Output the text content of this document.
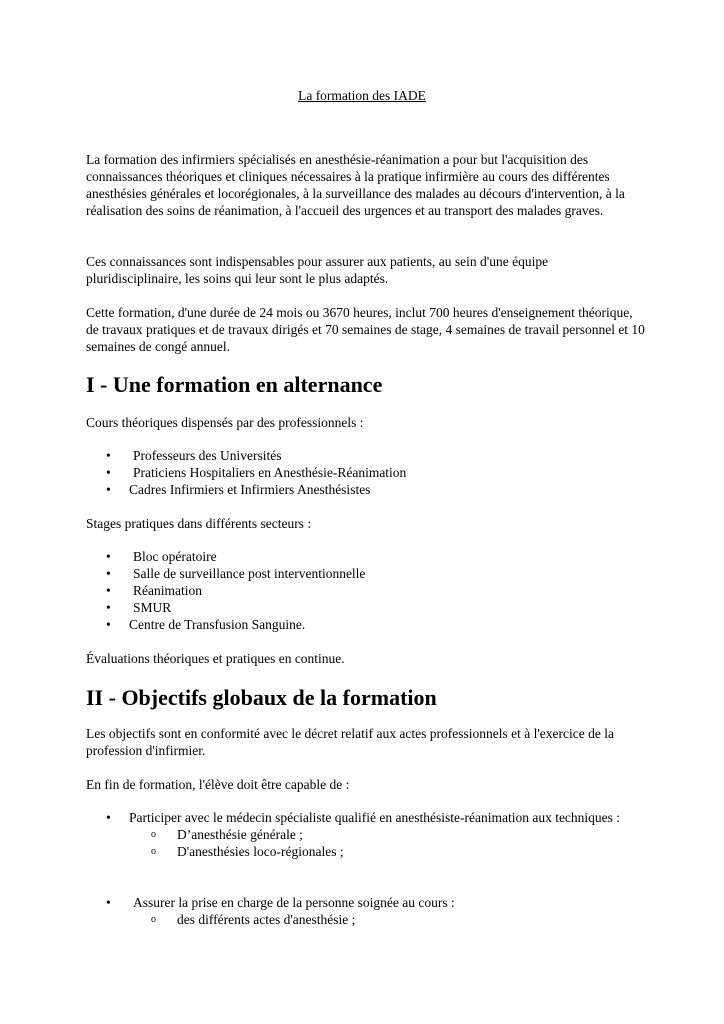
La formation des IADE

La formation des infirmiers spécialisés en anesthésie-réanimation a pour but l'acquisition des connaissances théoriques et cliniques nécessaires à la pratique infirmière au cours des différentes anesthésies générales et locorégionales, à la surveillance des malades au décours d'intervention, à la réalisation des soins de réanimation, à l'accueil des urgences et au transport des malades graves.

Ces connaissances sont indispensables pour assurer aux patients, au sein d'une équipe pluridisciplinaire, les soins qui leur sont le plus adaptés.

Cette formation, d'une durée de 24 mois ou 3670 heures, inclut 700 heures d'enseignement théorique, de travaux pratiques et de travaux dirigés et 70 semaines de stage, 4 semaines de travail personnel et 10 semaines de congé annuel.

I - Une formation en alternance

Cours théoriques dispensés par des professionnels :

• Professeurs des Universités
• Praticiens Hospitaliers en Anesthésie-Réanimation
• Cadres Infirmiers et Infirmiers Anesthésistes

Stages pratiques dans différents secteurs :

• Bloc opératoire
• Salle de surveillance post interventionnelle
• Réanimation
• SMUR
• Centre de Transfusion Sanguine.

Évaluations théoriques et pratiques en continue.

II - Objectifs globaux de la formation

Les objectifs sont en conformité avec le décret relatif aux actes professionnels et à l'exercice de la profession d'infirmier.

En fin de formation, l'élève doit être capable de :

• Participer avec le médecin spécialiste qualifié en anesthésiste-réanimation aux techniques :
o D’anesthésie générale ;
o D'anesthésies loco-régionales ;
• Assurer la prise en charge de la personne soignée au cours :
o des différents actes d'anesthésie ;
